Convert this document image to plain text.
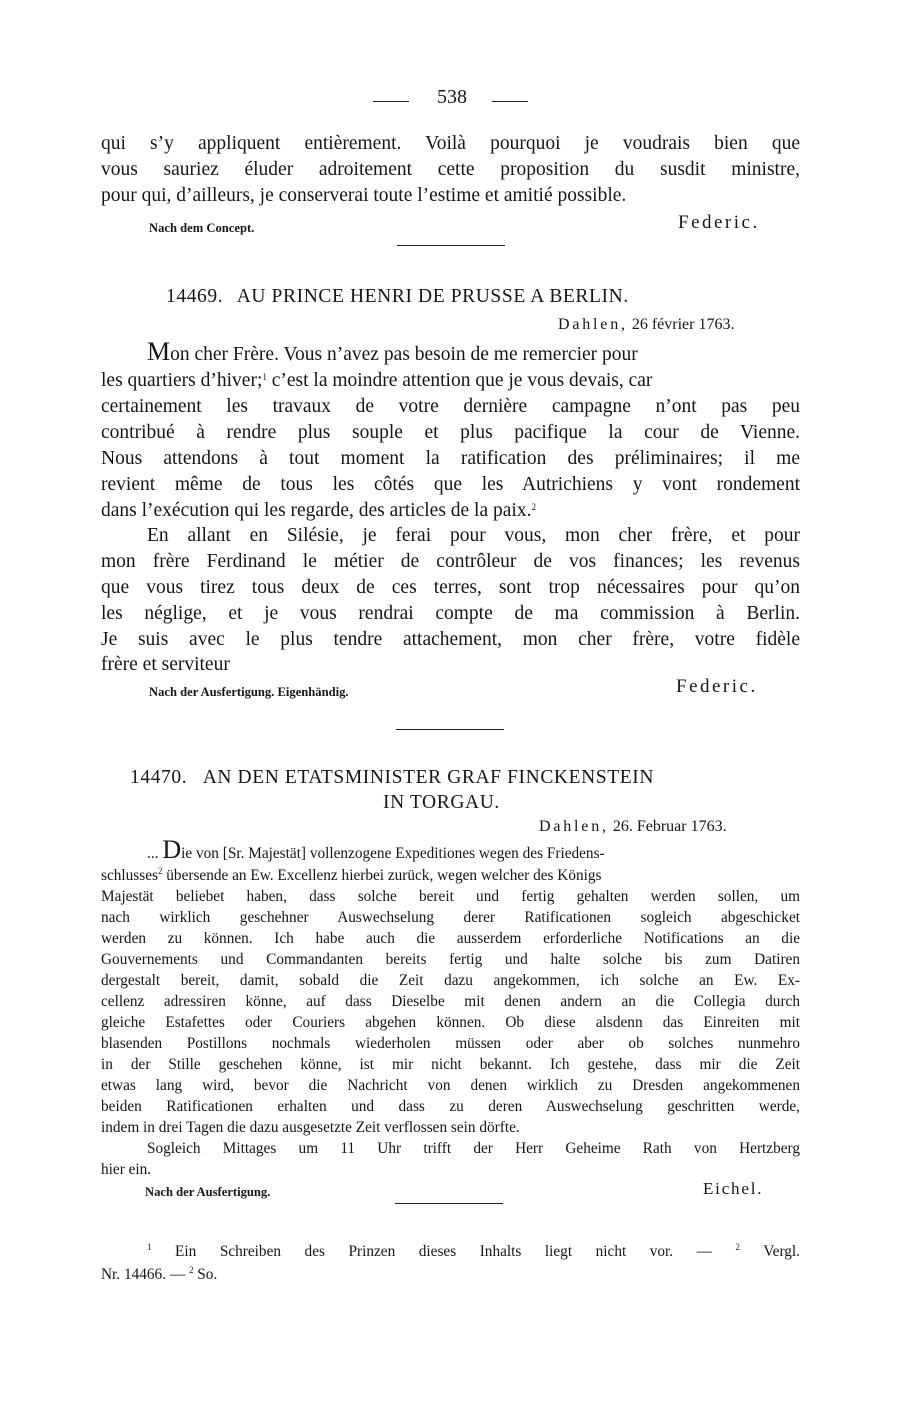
538
qui s’y appliquent entièrement. Voilà pourquoi je voudrais bien que
vous sauriez éluder adroitement cette proposition du susdit ministre,
pour qui, d’ailleurs, je conserverai toute l’estime et amitié possible.
Nach dem Concept.	Federic.
14469. AU PRINCE HENRI DE PRUSSE A BERLIN.
Dahlen, 26 février 1763.
Mon cher Frère. Vous n’avez pas besoin de me remercier pour
les quartiers d’hiver;$^1$ c’est la moindre attention que je vous devais, car
certainement les travaux de votre dernière campagne n’ont pas peu
contribué à rendre plus souple et plus pacifique la cour de Vienne.
Nous attendons à tout moment la ratification des préliminaires; il me
revient même de tous les côtés que les Autrichiens y vont rondement
dans l’exécution qui les regarde, des articles de la paix.$^2$
En allant en Silésie, je ferai pour vous, mon cher frère, et pour
mon frère Ferdinand le métier de contrôleur de vos finances; les revenus
que vous tirez tous deux de ces terres, sont trop nécessaires pour qu’on
les néglige, et je vous rendrai compte de ma commission à Berlin.
Je suis avec le plus tendre attachement, mon cher frère, votre fidèle
frère et serviteur
Nach der Ausfertigung. Eigenhändig.	Federic.
14470. AN DEN ETATSMINISTER GRAF FINCKENSTEIN
IN TORGAU.
Dahlen, 26. Februar 1763.
... Die von [Sr. Majestät] vollenzogene Expeditiones wegen des Friedens-
schlusses$^2$ übersende an Ew. Excellenz hierbei zurück, wegen welcher des Königs
Majestät beliebet haben, dass solche bereit und fertig gehalten werden sollen, um
nach wirklich geschehner Auswechselung derer Ratificationen sogleich abgeschicket
werden zu können. Ich habe auch die ausserdem erforderliche Notifications an die
Gouvernements und Commandanten bereits fertig und halte solche bis zum Datiren
dergestalt bereit, damit, sobald die Zeit dazu angekommen, ich solche an Ew. Ex-
cellenz adressiren könne, auf dass Dieselbe mit denen andern an die Collegia durch
gleiche Estafettes oder Couriers abgehen können. Ob diese alsdenn das Einreiten mit
blasenden Postillons nochmals wiederholen müssen oder aber ob solches nunmehro
in der Stille geschehen könne, ist mir nicht bekannt. Ich gestehe, dass mir die Zeit
etwas lang wird, bevor die Nachricht von denen wirklich zu Dresden angekommenen
beiden Ratificationen erhalten und dass zu deren Auswechselung geschritten werde,
indem in drei Tagen die dazu ausgesetzte Zeit verflossen sein dörfte.
Sogleich Mittages um 11 Uhr trifft der Herr Geheime Rath von Hertzberg
hier ein.
Nach der Ausfertigung.	Eichel.
$^1$ Ein Schreiben des Prinzen dieses Inhalts liegt nicht vor. —	$^2$ Vergl.
Nr. 14466. — $^2$ So.
